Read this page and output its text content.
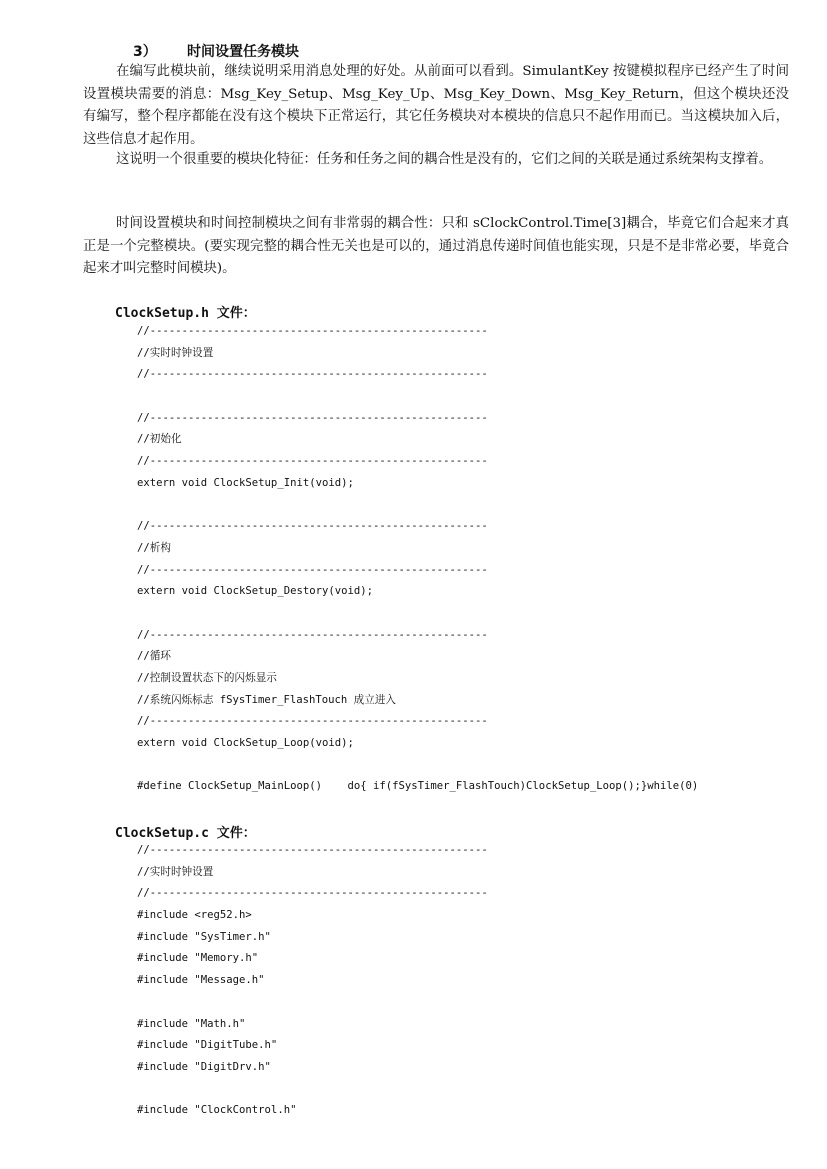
3） 时间设置任务模块

在编写此模块前，继续说明采用消息处理的好处。从前面可以看到。SimulantKey 按键模拟程序已经产生了时间设置模块需要的消息：Msg_Key_Setup、Msg_Key_Up、Msg_Key_Down、Msg_Key_Return，但这个模块还没有编写，整个程序都能在没有这个模块下正常运行，其它任务模块对本模块的信息只不起作用而已。当这模块加入后，这些信息才起作用。

这说明一个很重要的模块化特征：任务和任务之间的耦合性是没有的，它们之间的关联是通过系统架构支撑着。

时间设置模块和时间控制模块之间有非常弱的耦合性：只和 sClockControl.Time[3]耦合，毕竟它们合起来才真正是一个完整模块。(要实现完整的耦合性无关也是可以的，通过消息传递时间值也能实现，只是不是非常必要，毕竟合起来才叫完整时间模块)。

ClockSetup.h 文件：
//-----------------------------------------------------
//实时时钟设置
//-----------------------------------------------------
//-----------------------------------------------------
//初始化
//-----------------------------------------------------
extern void ClockSetup_Init(void);
//-----------------------------------------------------
//析构
//-----------------------------------------------------
extern void ClockSetup_Destory(void);
//-----------------------------------------------------
//循环
//控制设置状态下的闪烁显示
//系统闪烁标志 fSysTimer_FlashTouch 成立进入
//-----------------------------------------------------
extern void ClockSetup_Loop(void);
#define ClockSetup_MainLoop()    do{ if(fSysTimer_FlashTouch)ClockSetup_Loop();}while(0)
ClockSetup.c 文件：
//-----------------------------------------------------
//实时时钟设置
//-----------------------------------------------------
#include <reg52.h>
#include "SysTimer.h"
#include "Memory.h"
#include "Message.h"
#include "Math.h"
#include "DigitTube.h"
#include "DigitDrv.h"
#include "ClockControl.h"
